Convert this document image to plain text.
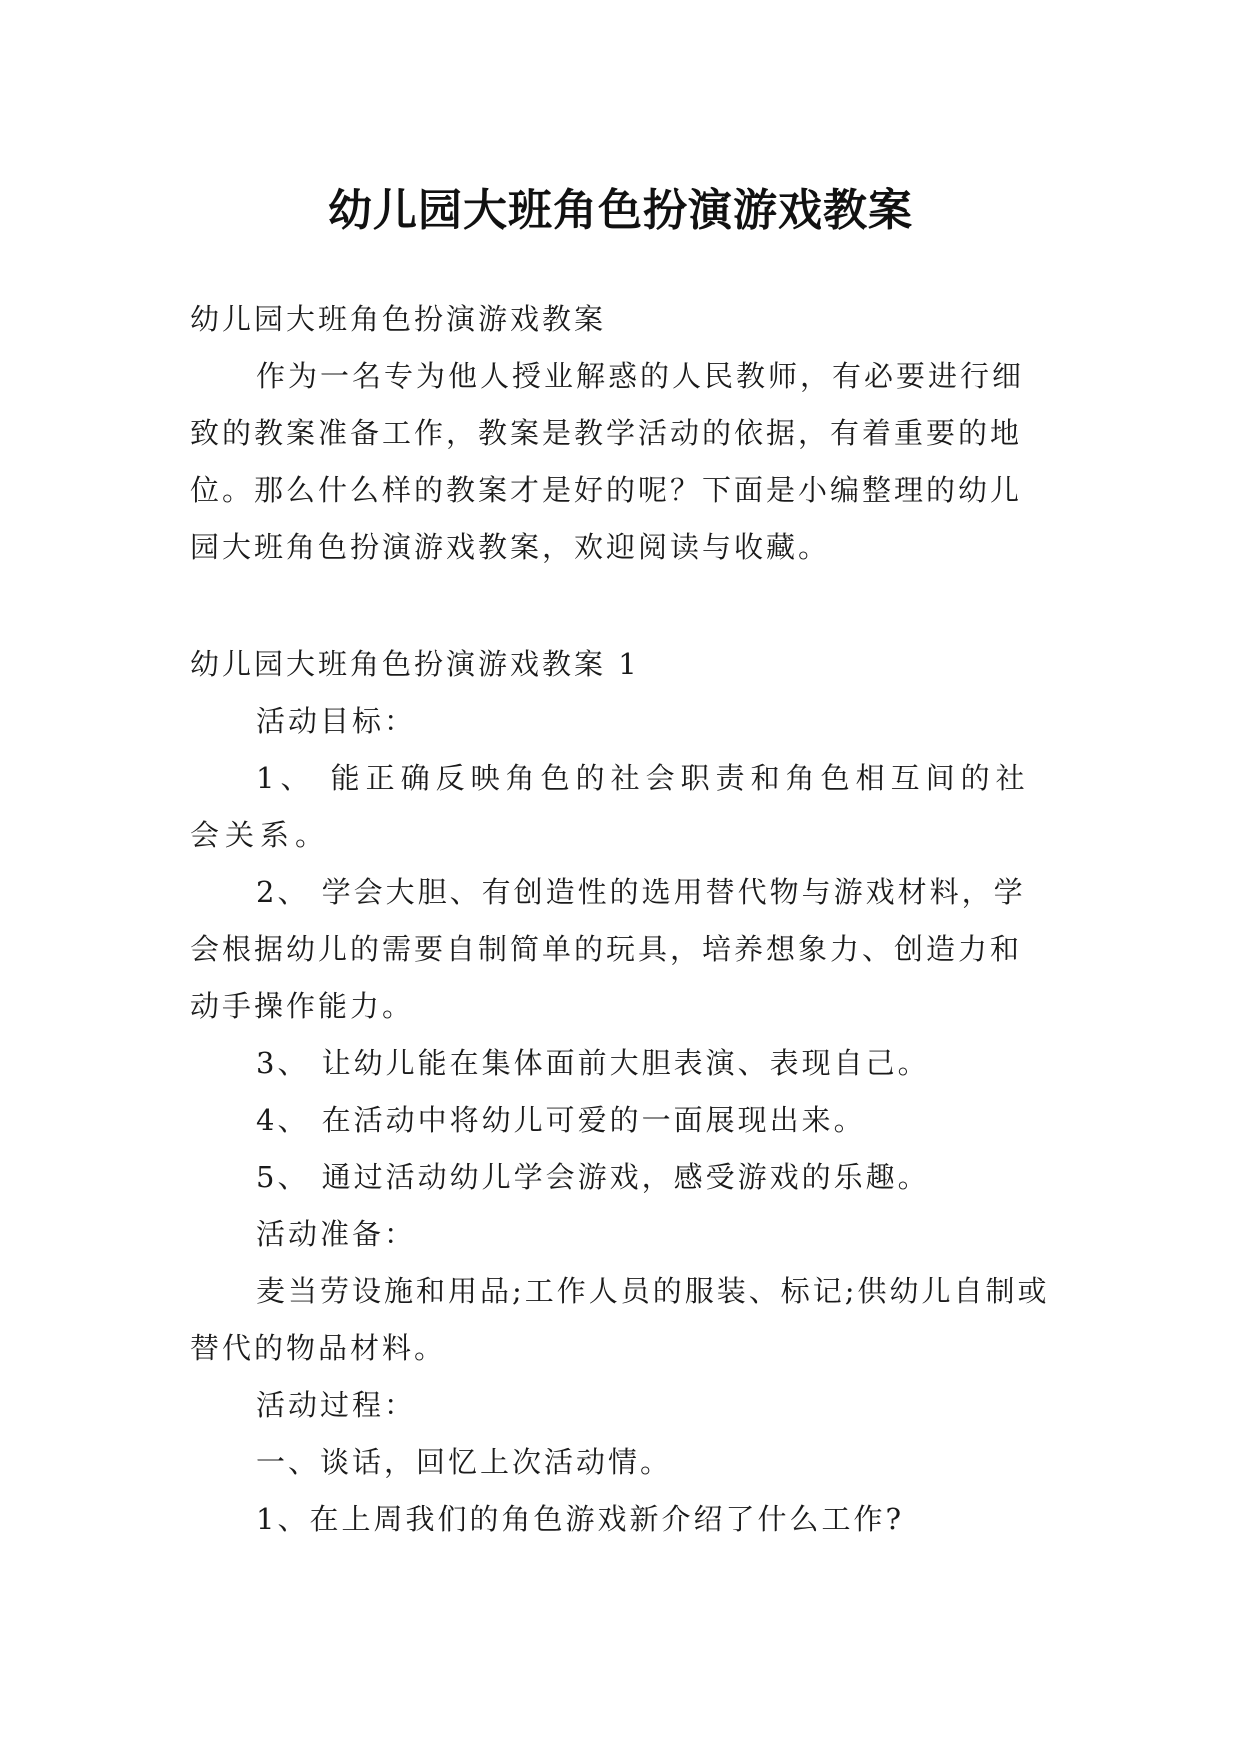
幼儿园大班角色扮演游戏教案

幼儿园大班角色扮演游戏教案

作为一名专为他人授业解惑的人民教师，有必要进行细致的教案准备工作，教案是教学活动的依据，有着重要的地位。那么什么样的教案才是好的呢？下面是小编整理的幼儿园大班角色扮演游戏教案，欢迎阅读与收藏。

幼儿园大班角色扮演游戏教案 1

活动目标：

1、 能正确反映角色的社会职责和角色相互间的社会关系。

2、 学会大胆、有创造性的选用替代物与游戏材料，学会根据幼儿的需要自制简单的玩具，培养想象力、创造力和动手操作能力。

3、 让幼儿能在集体面前大胆表演、表现自己。

4、 在活动中将幼儿可爱的一面展现出来。

5、 通过活动幼儿学会游戏，感受游戏的乐趣。

活动准备：

麦当劳设施和用品;工作人员的服装、标记;供幼儿自制或替代的物品材料。

活动过程：

一、谈话，回忆上次活动情。

1、在上周我们的角色游戏新介绍了什么工作?
